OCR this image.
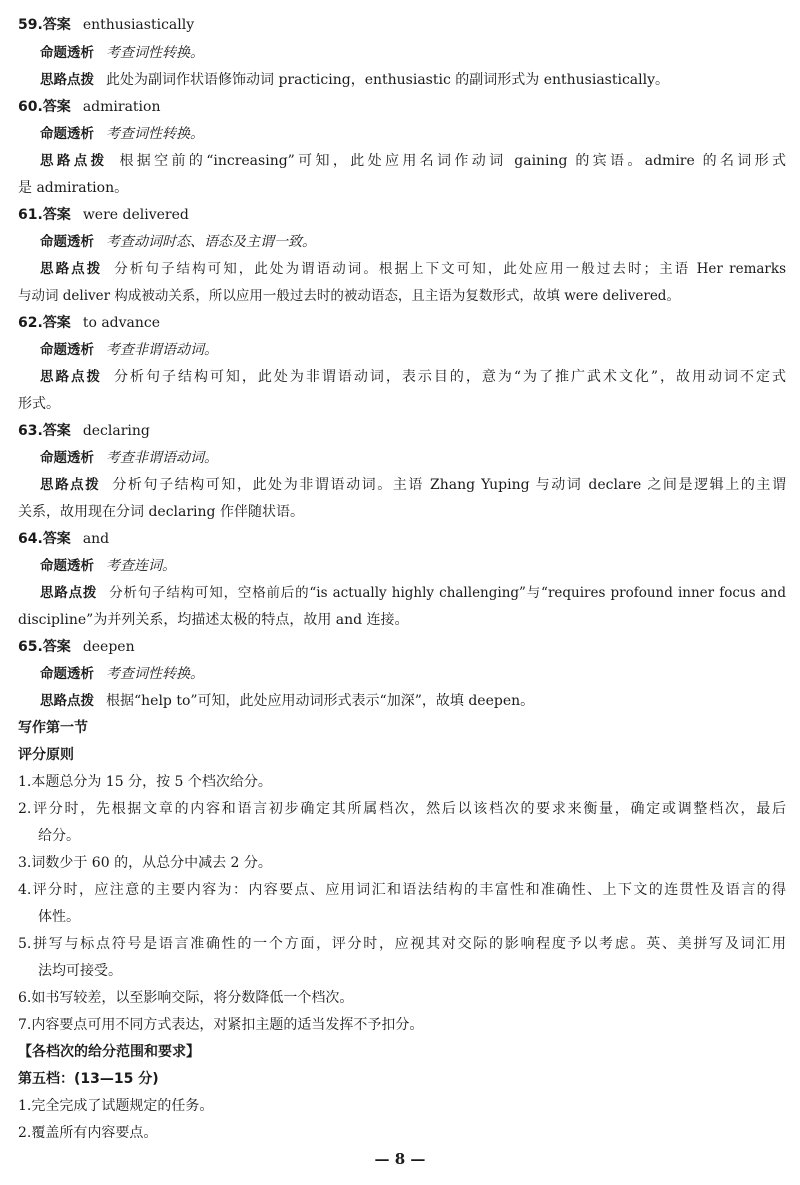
59.答案 enthusiastically
命题透析 考查词性转换。
思路点拨 此处为副词作状语修饰动词 practicing，enthusiastic 的副词形式为 enthusiastically。
60.答案 admiration
命题透析 考查词性转换。
思路点拨 根据空前的“increasing”可知，此处应用名词作动词 gaining 的宾语。admire 的名词形式
是 admiration。
61.答案 were delivered
命题透析 考查动词时态、语态及主谓一致。
思路点拨 分析句子结构可知，此处为谓语动词。根据上下文可知，此处应用一般过去时；主语 Her remarks
与动词 deliver 构成被动关系，所以应用一般过去时的被动语态，且主语为复数形式，故填 were delivered。
62.答案 to advance
命题透析 考查非谓语动词。
思路点拨 分析句子结构可知，此处为非谓语动词，表示目的，意为“为了推广武术文化”，故用动词不定式
形式。
63.答案 declaring
命题透析 考查非谓语动词。
思路点拨 分析句子结构可知，此处为非谓语动词。主语 Zhang Yuping 与动词 declare 之间是逻辑上的主谓
关系，故用现在分词 declaring 作伴随状语。
64.答案 and
命题透析 考查连词。
思路点拨 分析句子结构可知，空格前后的“is actually highly challenging”与“requires profound inner focus and
discipline”为并列关系，均描述太极的特点，故用 and 连接。
65.答案 deepen
命题透析 考查词性转换。
思路点拨 根据“help to”可知，此处应用动词形式表示“加深”，故填 deepen。
写作第一节
评分原则
1.本题总分为 15 分，按 5 个档次给分。
2.评分时，先根据文章的内容和语言初步确定其所属档次，然后以该档次的要求来衡量，确定或调整档次，最后
给分。
3.词数少于 60 的，从总分中减去 2 分。
4.评分时，应注意的主要内容为：内容要点、应用词汇和语法结构的丰富性和准确性、上下文的连贯性及语言的得
体性。
5.拼写与标点符号是语言准确性的一个方面，评分时，应视其对交际的影响程度予以考虑。英、美拼写及词汇用
法均可接受。
6.如书写较差，以至影响交际，将分数降低一个档次。
7.内容要点可用不同方式表达，对紧扣主题的适当发挥不予扣分。
【各档次的给分范围和要求】
第五档：(13—15 分)
1.完全完成了试题规定的任务。
2.覆盖所有内容要点。
— 8 —
